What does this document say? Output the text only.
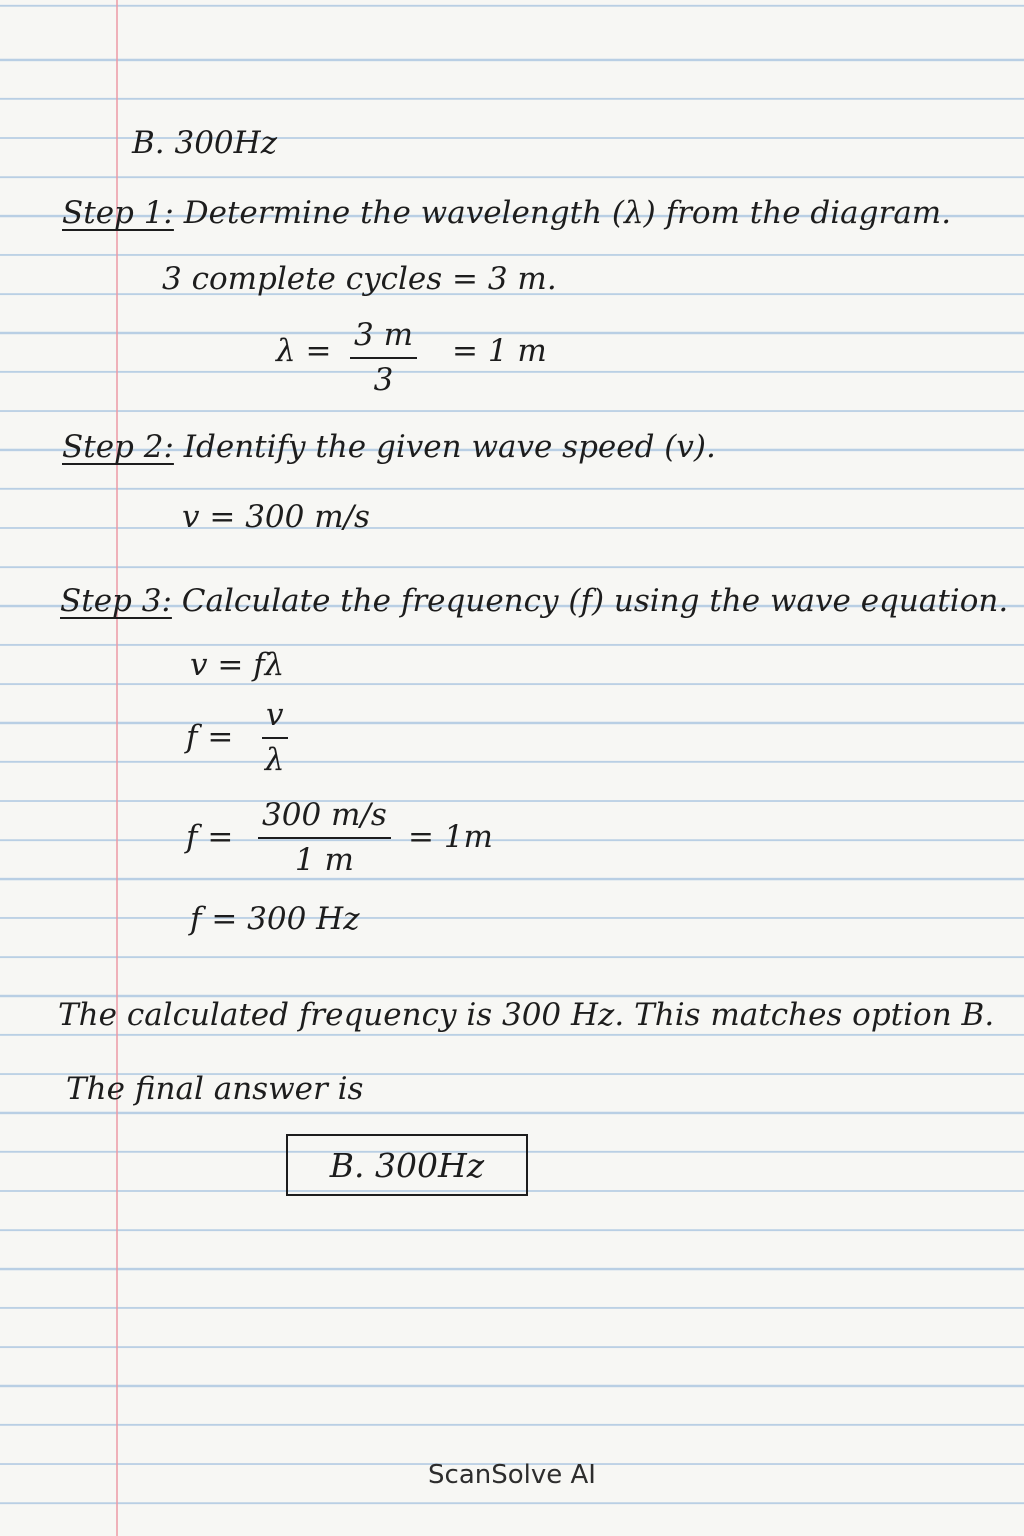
B. 300Hz
Step 1: Determine the wavelength (λ) from the diagram.
3 complete cycles = 3 m.
$\lambda = \frac{3 m}{3} = 1$ m
Step 2: Identify the given wave speed (v).
v = 300 m/s
Step 3: Calculate the frequency (f) using the wave equation.
v = fλ
$f = \frac{v}{\lambda}$
$f = \frac{300 m/s}{1 m} = 1m$
f = 300 Hz
The calculated frequency is 300 Hz. This matches option B.
The final answer is
B. 300Hz
ScanSolve AI
